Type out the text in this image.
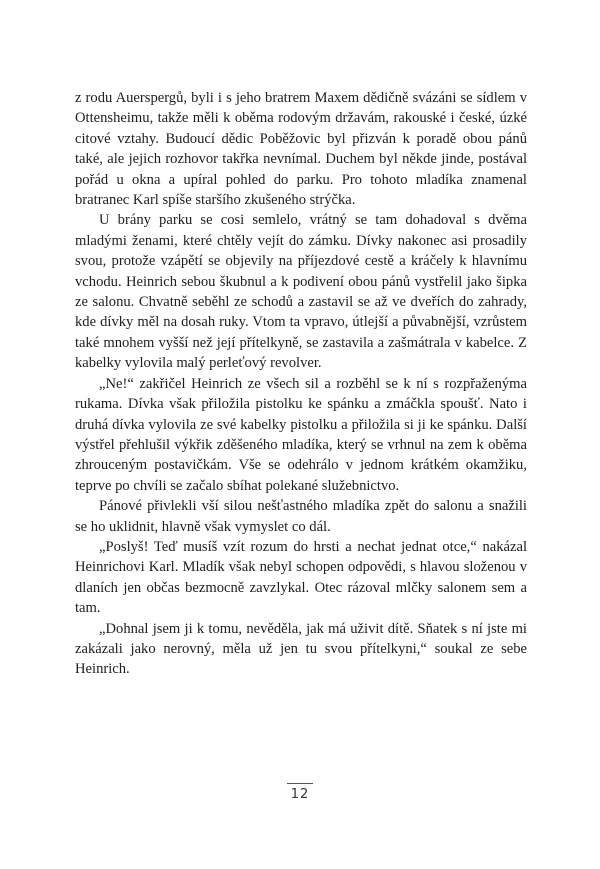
z rodu Auerspergů, byli i s jeho bratrem Maxem dědičně svázáni se sídlem v Ottensheimu, takže měli k oběma rodovým državám, rakouské i české, úzké citové vztahy. Budoucí dědic Poběžovic byl přizván k poradě obou pánů také, ale jejich rozhovor takřka nevnímal. Duchem byl někde jinde, postával pořád u okna a upíral pohled do parku. Pro tohoto mladíka znamenal bratranec Karl spíše staršího zkušeného strýčka.

U brány parku se cosi semlelo, vrátný se tam dohadoval s dvěma mladými ženami, které chtěly vejít do zámku. Dívky nakonec asi prosadily svou, protože vzápětí se objevily na příjezdové cestě a kráčely k hlavnímu vchodu. Heinrich sebou škubnul a k podivení obou pánů vystřelil jako šipka ze salonu. Chvatně seběhl ze schodů a zastavil se až ve dveřích do zahrady, kde dívky měl na dosah ruky. Vtom ta vpravo, útlejší a půvabnější, vzrůstem také mnohem vyšší než její přítelkyně, se zastavila a zašmátrala v kabelce. Z kabelky vylovila malý perleťový revolver.

„Ne!“ zakřičel Heinrich ze všech sil a rozběhl se k ní s rozpřaženýma rukama. Dívka však přiložila pistolku ke spánku a zmáčkla spoušť. Nato i druhá dívka vylovila ze své kabelky pistolku a přiložila si ji ke spánku. Další výstřel přehlušil výkřik zděšeného mladíka, který se vrhnul na zem k oběma zhrouceným postavičkám. Vše se odehrálo v jednom krátkém okamžiku, teprve po chvíli se začalo sbíhat polekané služebnictvo.

Pánové přivlekli vší silou nešťastného mladíka zpět do salonu a snažili se ho uklidnit, hlavně však vymyslet co dál.

„Poslyš! Teď musíš vzít rozum do hrsti a nechat jednat otce,“ nakázal Heinrichovi Karl. Mladík však nebyl schopen odpovědi, s hlavou složenou v dlaních jen občas bezmocně zavzlykal. Otec rázoval mlčky salonem sem a tam.

„Dohnal jsem ji k tomu, nevěděla, jak má uživit dítě. Sňatek s ní jste mi zakázali jako nerovný, měla už jen tu svou přítelkyni,“ soukal ze sebe Heinrich.

12
